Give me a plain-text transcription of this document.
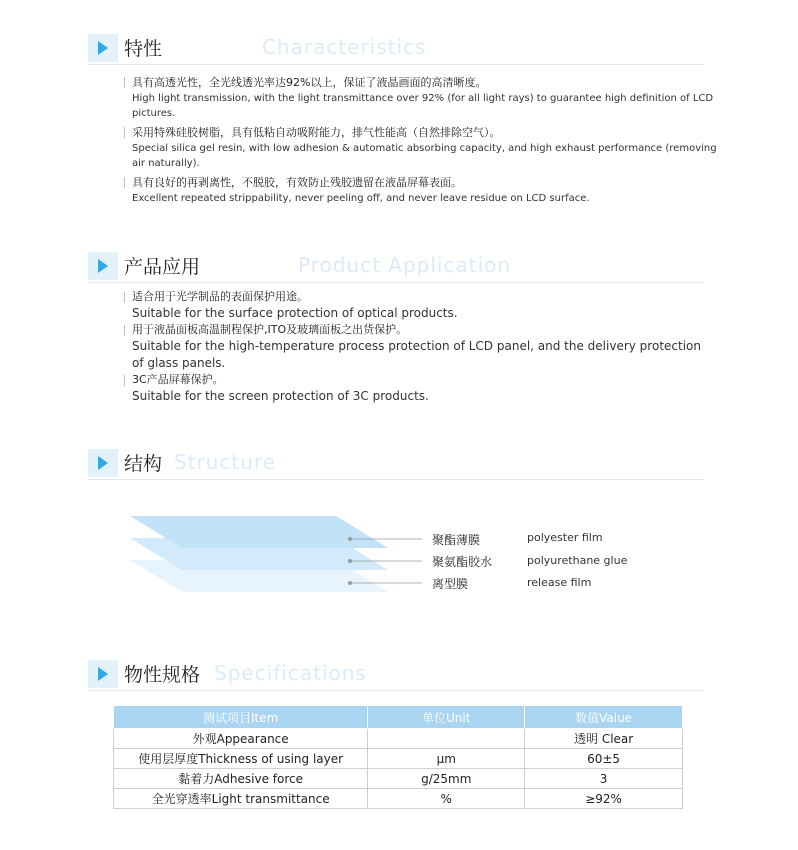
特性	Characteristics
具有高透光性，全光线透光率达92%以上，保证了液晶画面的高清晰度。
High light transmission, with the light transmittance over 92% (for all light rays) to guarantee high definition of LCD pictures.
采用特殊硅胶树脂，具有低粘自动吸附能力，排气性能高（自然排除空气）。
Special silica gel resin, with low adhesion & automatic absorbing capacity, and high exhaust performance (removing air naturally).
具有良好的再剥离性，不脱胶，有效防止残胶遗留在液晶屏幕表面。
Excellent repeated strippability, never peeling off, and never leave residue on LCD surface.
产品应用	Product Application
适合用于光学制品的表面保护用途。
Suitable for the surface protection of optical products.
用于液晶面板高温制程保护,ITO及玻璃面板之出货保护。
Suitable for the high-temperature process protection of LCD panel, and the delivery protection of glass panels.
3C产品屏幕保护。
Suitable for the screen protection of 3C products.
结构 Structure
聚酯薄膜	polyester film
聚氨酯胶水	polyurethane glue
离型膜	release film
物性规格 Specifications
测试项目Item	单位Unit	数值Value
外观Appearance		透明 Clear
使用层厚度Thickness of using layer	μm	60±5
黏着力Adhesive force	g/25mm	3
全光穿透率Light transmittance	%	≥92%
